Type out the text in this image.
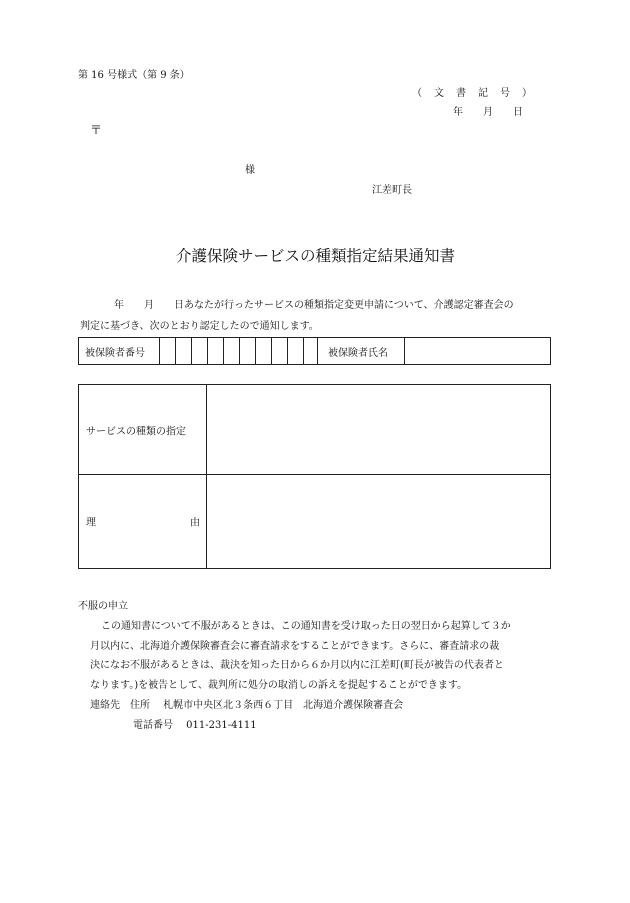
第 16 号様式（第 9 条）
（　文　書　記　号　）
年　　月　　日
〒
様
江差町長
介護保険サービスの種類指定結果通知書
年　　月　　日あなたが行ったサービスの種類指定変更申請について、介護認定審査会の
判定に基づき、次のとおり認定したので通知します。
被保険者番号	被保険者氏名
サービスの種類の指定
理	由
不服の申立
この通知書について不服があるときは、この通知書を受け取った日の翌日から起算して３か
月以内に、北海道介護保険審査会に審査請求をすることができます。さらに、審査請求の裁
決になお不服があるときは、裁決を知った日から６か月以内に江差町(町長が被告の代表者と
なります。)を被告として、裁判所に処分の取消しの訴えを提起することができます。
連絡先　住所　 札幌市中央区北３条西６丁目　北海道介護保険審査会
電話番号　 011-231-4111
